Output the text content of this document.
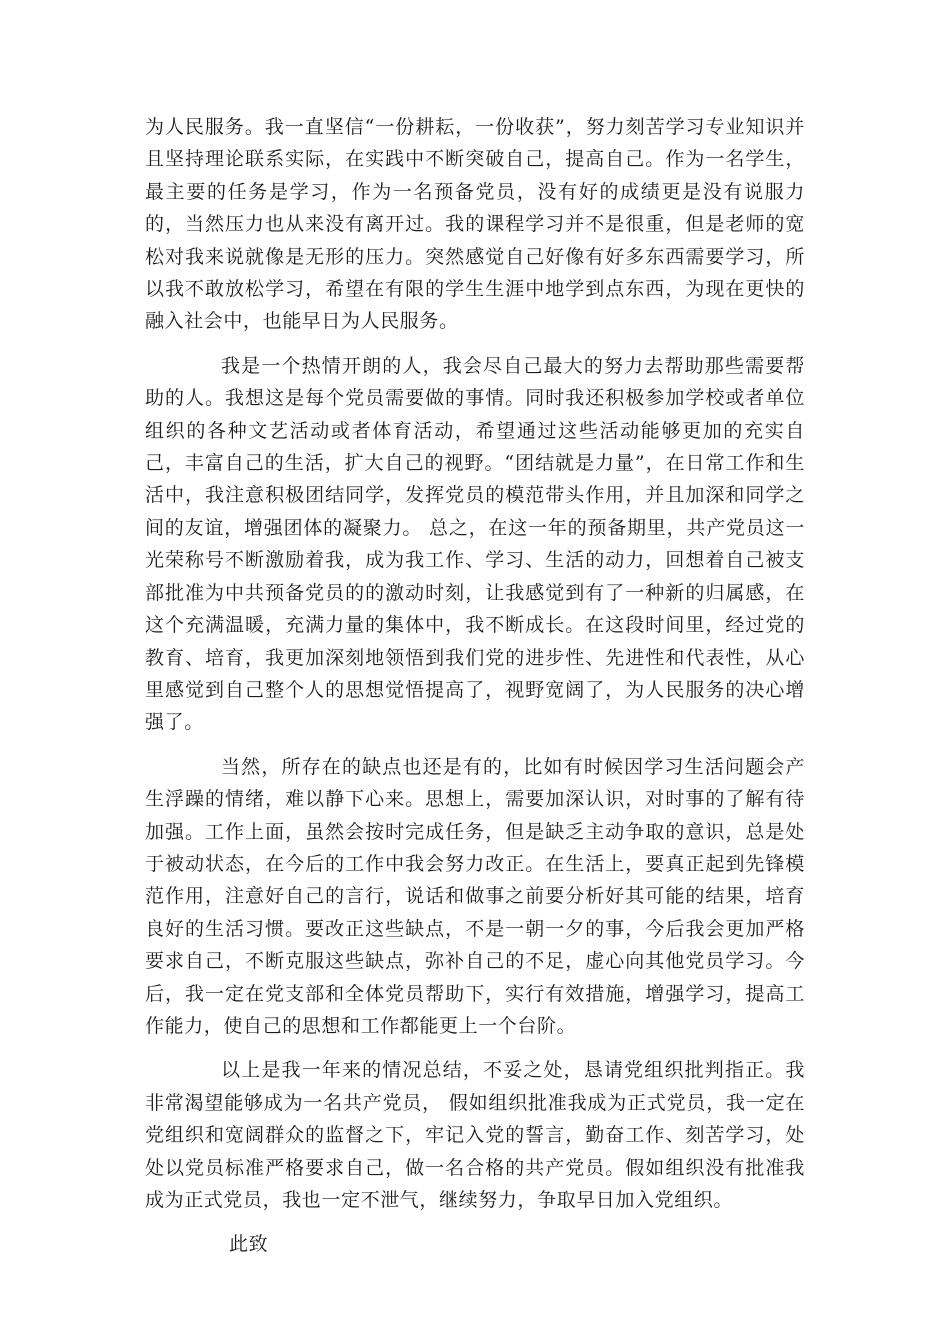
为人民服务。我一直坚信“一份耕耘，一份收获”，努力刻苦学习专业知识并且坚持理论联系实际，在实践中不断突破自己，提高自己。作为一名学生，最主要的任务是学习，作为一名预备党员，没有好的成绩更是没有说服力的，当然压力也从来没有离开过。我的课程学习并不是很重，但是老师的宽松对我来说就像是无形的压力。突然感觉自己好像有好多东西需要学习，所以我不敢放松学习，希望在有限的学生生涯中地学到点东西，为现在更快的融入社会中，也能早日为人民服务。

我是一个热情开朗的人，我会尽自己最大的努力去帮助那些需要帮助的人。我想这是每个党员需要做的事情。同时我还积极参加学校或者单位组织的各种文艺活动或者体育活动，希望通过这些活动能够更加的充实自己，丰富自己的生活，扩大自己的视野。“团结就是力量”，在日常工作和生活中，我注意积极团结同学，发挥党员的模范带头作用，并且加深和同学之间的友谊，增强团体的凝聚力。 总之，在这一年的预备期里，共产党员这一光荣称号不断激励着我，成为我工作、学习、生活的动力，回想着自己被支部批准为中共预备党员的的激动时刻，让我感觉到有了一种新的归属感，在这个充满温暖，充满力量的集体中，我不断成长。在这段时间里，经过党的教育、培育，我更加深刻地领悟到我们党的进步性、先进性和代表性，从心里感觉到自己整个人的思想觉悟提高了，视野宽阔了，为人民服务的决心增强了。

当然，所存在的缺点也还是有的，比如有时候因学习生活问题会产生浮躁的情绪，难以静下心来。思想上，需要加深认识，对时事的了解有待加强。工作上面，虽然会按时完成任务，但是缺乏主动争取的意识，总是处于被动状态，在今后的工作中我会努力改正。在生活上，要真正起到先锋模范作用，注意好自己的言行，说话和做事之前要分析好其可能的结果，培育良好的生活习惯。要改正这些缺点，不是一朝一夕的事，今后我会更加严格要求自己，不断克服这些缺点，弥补自己的不足，虚心向其他党员学习。今后，我一定在党支部和全体党员帮助下，实行有效措施，增强学习，提高工作能力，使自己的思想和工作都能更上一个台阶。

以上是我一年来的情况总结，不妥之处，恳请党组织批判指正。我非常渴望能够成为一名共产党员， 假如组织批准我成为正式党员，我一定在党组织和宽阔群众的监督之下，牢记入党的誓言，勤奋工作、刻苦学习，处处以党员标准严格要求自己，做一名合格的共产党员。假如组织没有批准我成为正式党员，我也一定不泄气，继续努力，争取早日加入党组织。

此致
